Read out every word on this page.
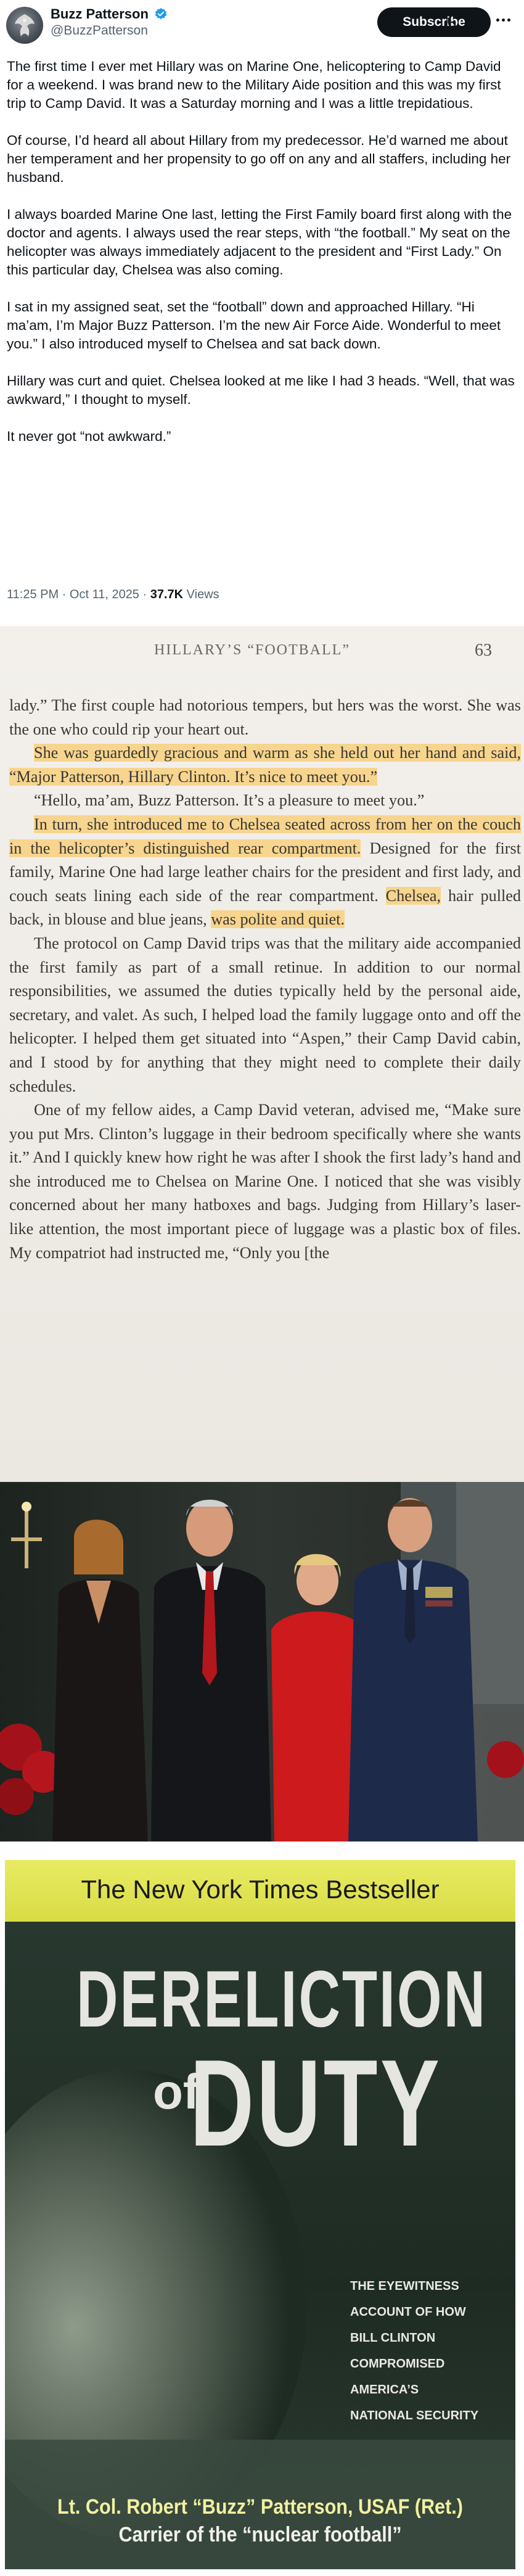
Buzz Patterson
@BuzzPatterson
Subscribe

The first time I ever met Hillary was on Marine One, helicoptering to Camp David for a weekend. I was brand new to the Military Aide position and this was my first trip to Camp David. It was a Saturday morning and I was a little trepidatious.

Of course, I’d heard all about Hillary from my predecessor. He’d warned me about her temperament and her propensity to go off on any and all staffers, including her husband.

I always boarded Marine One last, letting the First Family board first along with the doctor and agents. I always used the rear steps, with “the football.” My seat on the helicopter was always immediately adjacent to the president and “First Lady.” On this particular day, Chelsea was also coming.

I sat in my assigned seat, set the “football” down and approached Hillary. “Hi ma’am, I’m Major Buzz Patterson. I’m the new Air Force Aide. Wonderful to meet you.” I also introduced myself to Chelsea and sat back down.

Hillary was curt and quiet. Chelsea looked at me like I had 3 heads. “Well, that was awkward,” I thought to myself.

It never got “not awkward.”

11:25 PM · Oct 11, 2025 · 37.7K Views
HILLARY’S “FOOTBALL”	63

lady.” The first couple had notorious tempers, but hers was the worst. She was the one who could rip your heart out.

She was guardedly gracious and warm as she held out her hand and said, “Major Patterson, Hillary Clinton. It’s nice to meet you.”

“Hello, ma’am, Buzz Patterson. It’s a pleasure to meet you.”

In turn, she introduced me to Chelsea seated across from her on the couch in the helicopter’s distinguished rear compartment. Designed for the first family, Marine One had large leather chairs for the president and first lady, and couch seats lining each side of the rear compartment. Chelsea, hair pulled back, in blouse and blue jeans, was polite and quiet.

The protocol on Camp David trips was that the military aide accompanied the first family as part of a small retinue. In addition to our normal responsibilities, we assumed the duties typically held by the personal aide, secretary, and valet. As such, I helped load the family luggage onto and off the helicopter. I helped them get situated into “Aspen,” their Camp David cabin, and I stood by for anything that they might need to complete their daily schedules.

One of my fellow aides, a Camp David veteran, advised me, “Make sure you put Mrs. Clinton’s luggage in their bedroom specifically where she wants it.” And I quickly knew how right he was after I shook the first lady’s hand and she introduced me to Chelsea on Marine One. I noticed that she was visibly concerned about her many hatboxes and bags. Judging from Hillary’s laser-like attention, the most important piece of luggage was a plastic box of files. My compatriot had instructed me, “Only you [the

The New York Times Bestseller
DERELICTION
of
DUTY
THE EYEWITNESS
ACCOUNT OF HOW
BILL CLINTON
COMPROMISED
AMERICA’S
NATIONAL SECURITY
Lt. Col. Robert “Buzz” Patterson, USAF (Ret.)
Carrier of the “nuclear football”
